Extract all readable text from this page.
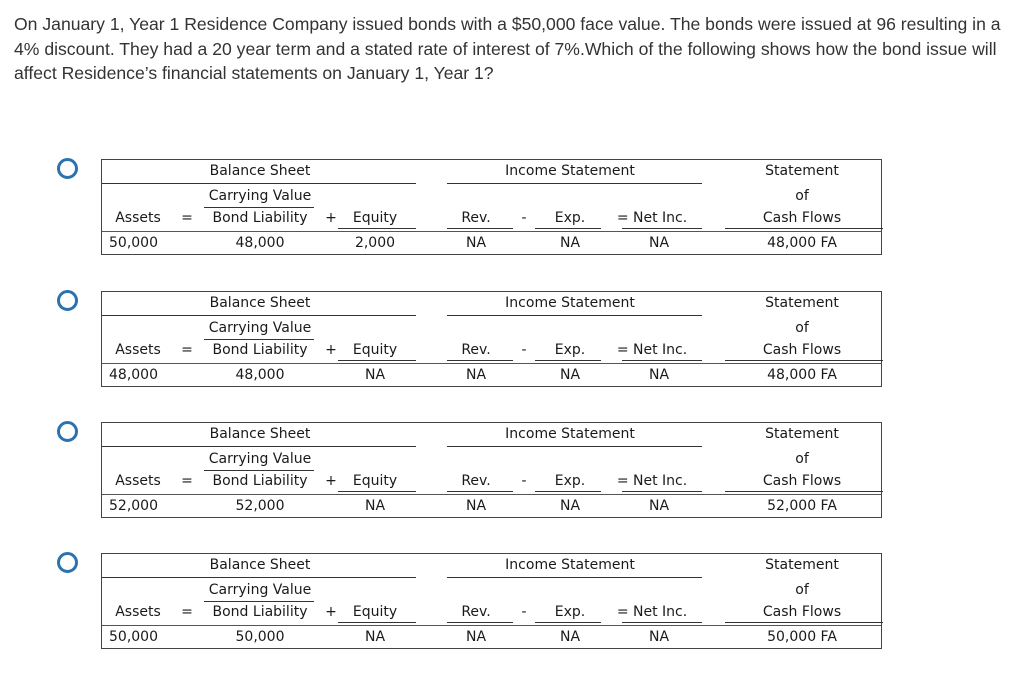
On January 1, Year 1 Residence Company issued bonds with a $50,000 face value. The bonds were issued at 96 resulting in a 4% discount. They had a 20 year term and a stated rate of interest of 7%.Which of the following shows how the bond issue will affect Residence’s financial statements on January 1, Year 1?
Balance Sheet	Income Statement	Statement
Carrying Value	of
Assets = Bond Liability + Equity	Rev. - Exp. = Net Inc.	Cash Flows
50,000	48,000	2,000	NA	NA	NA	48,000 FA
Balance Sheet	Income Statement	Statement
Carrying Value	of
Assets = Bond Liability + Equity	Rev. - Exp. = Net Inc.	Cash Flows
48,000	48,000	NA	NA	NA	NA	48,000 FA
Balance Sheet	Income Statement	Statement
Carrying Value	of
Assets = Bond Liability + Equity	Rev. - Exp. = Net Inc.	Cash Flows
52,000	52,000	NA	NA	NA	NA	52,000 FA
Balance Sheet	Income Statement	Statement
Carrying Value	of
Assets = Bond Liability + Equity	Rev. - Exp. = Net Inc.	Cash Flows
50,000	50,000	NA	NA	NA	NA	50,000 FA
